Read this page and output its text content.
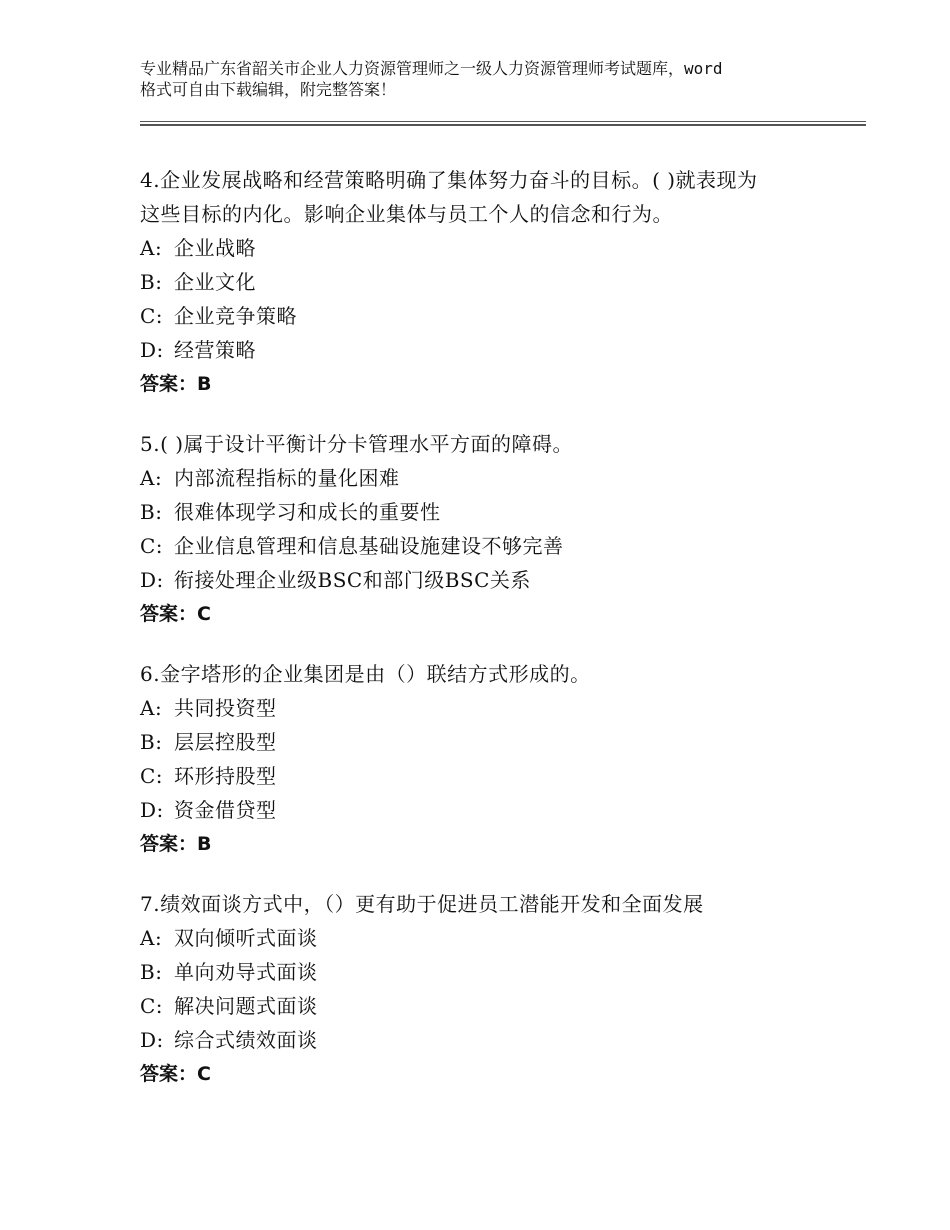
专业精品广东省韶关市企业人力资源管理师之一级人力资源管理师考试题库，word
格式可自由下载编辑，附完整答案！
4.企业发展战略和经营策略明确了集体努力奋斗的目标。( )就表现为
这些目标的内化。影响企业集体与员工个人的信念和行为。
A: 企业战略
B: 企业文化
C: 企业竞争策略
D: 经营策略
答案：B
5.( )属于设计平衡计分卡管理水平方面的障碍。
A: 内部流程指标的量化困难
B: 很难体现学习和成长的重要性
C: 企业信息管理和信息基础设施建设不够完善
D: 衔接处理企业级BSC和部门级BSC关系
答案：C
6.金字塔形的企业集团是由（）联结方式形成的。
A: 共同投资型
B: 层层控股型
C: 环形持股型
D: 资金借贷型
答案：B
7.绩效面谈方式中，（）更有助于促进员工潜能开发和全面发展
A: 双向倾听式面谈
B: 单向劝导式面谈
C: 解决问题式面谈
D: 综合式绩效面谈
答案：C
